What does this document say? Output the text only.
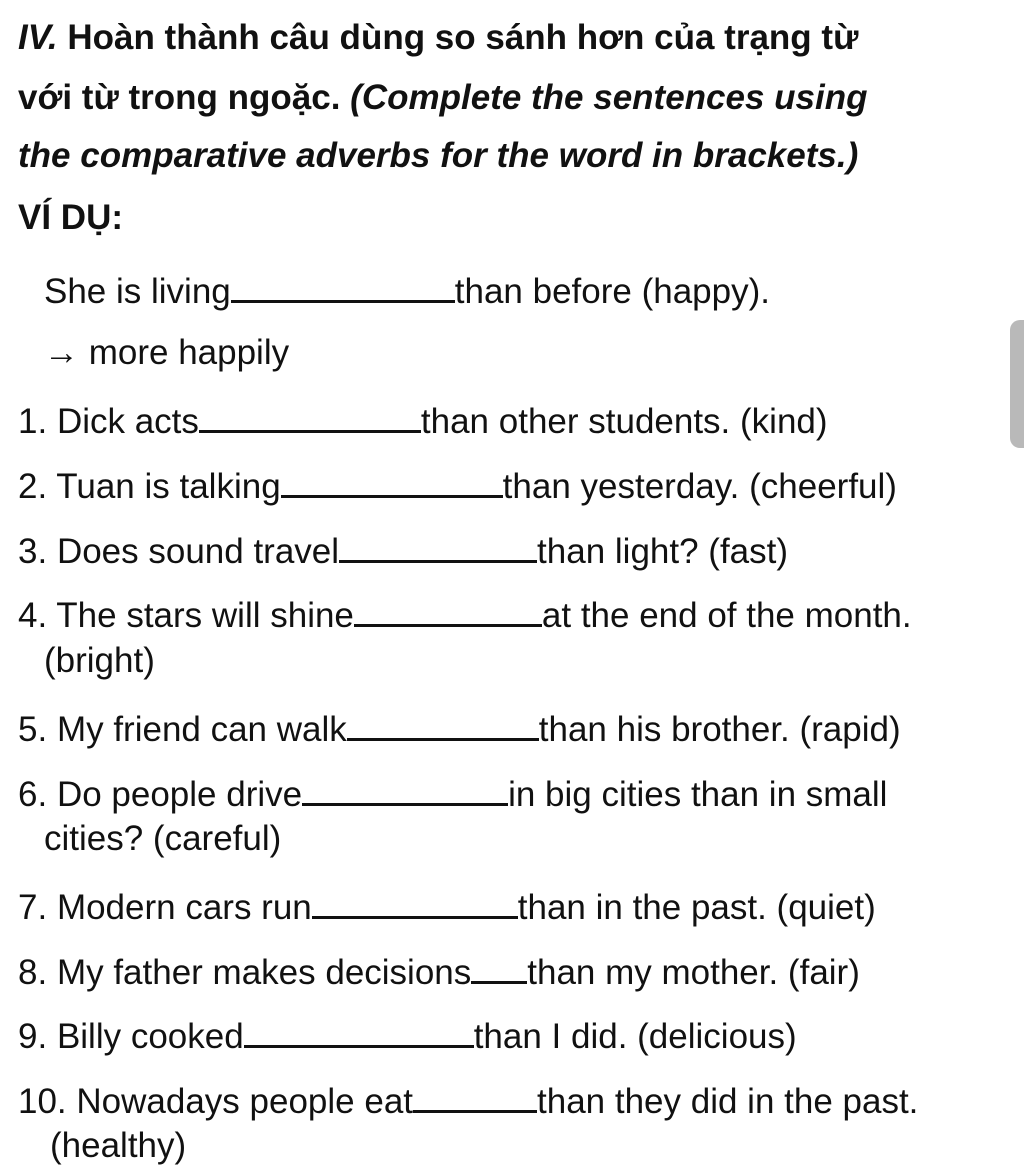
IV. Hoàn thành câu dùng so sánh hơn của trạng từ
với từ trong ngoặc. (Complete the sentences using
the comparative adverbs for the word in brackets.)
VÍ DỤ:
She is living	than before (happy).
→ more happily
1. Dick acts	than other students. (kind)
2. Tuan is talking	than yesterday. (cheerful)
3. Does sound travel	than light? (fast)
4. The stars will shine	at the end of the month.
(bright)
5. My friend can walk	than his brother. (rapid)
6. Do people drive	in big cities than in small
cities? (careful)
7. Modern cars run	than in the past. (quiet)
8. My father makes decisions than my mother. (fair)
9. Billy cooked	than I did. (delicious)
10. Nowadays people eat	than they did in the past.
(healthy)
